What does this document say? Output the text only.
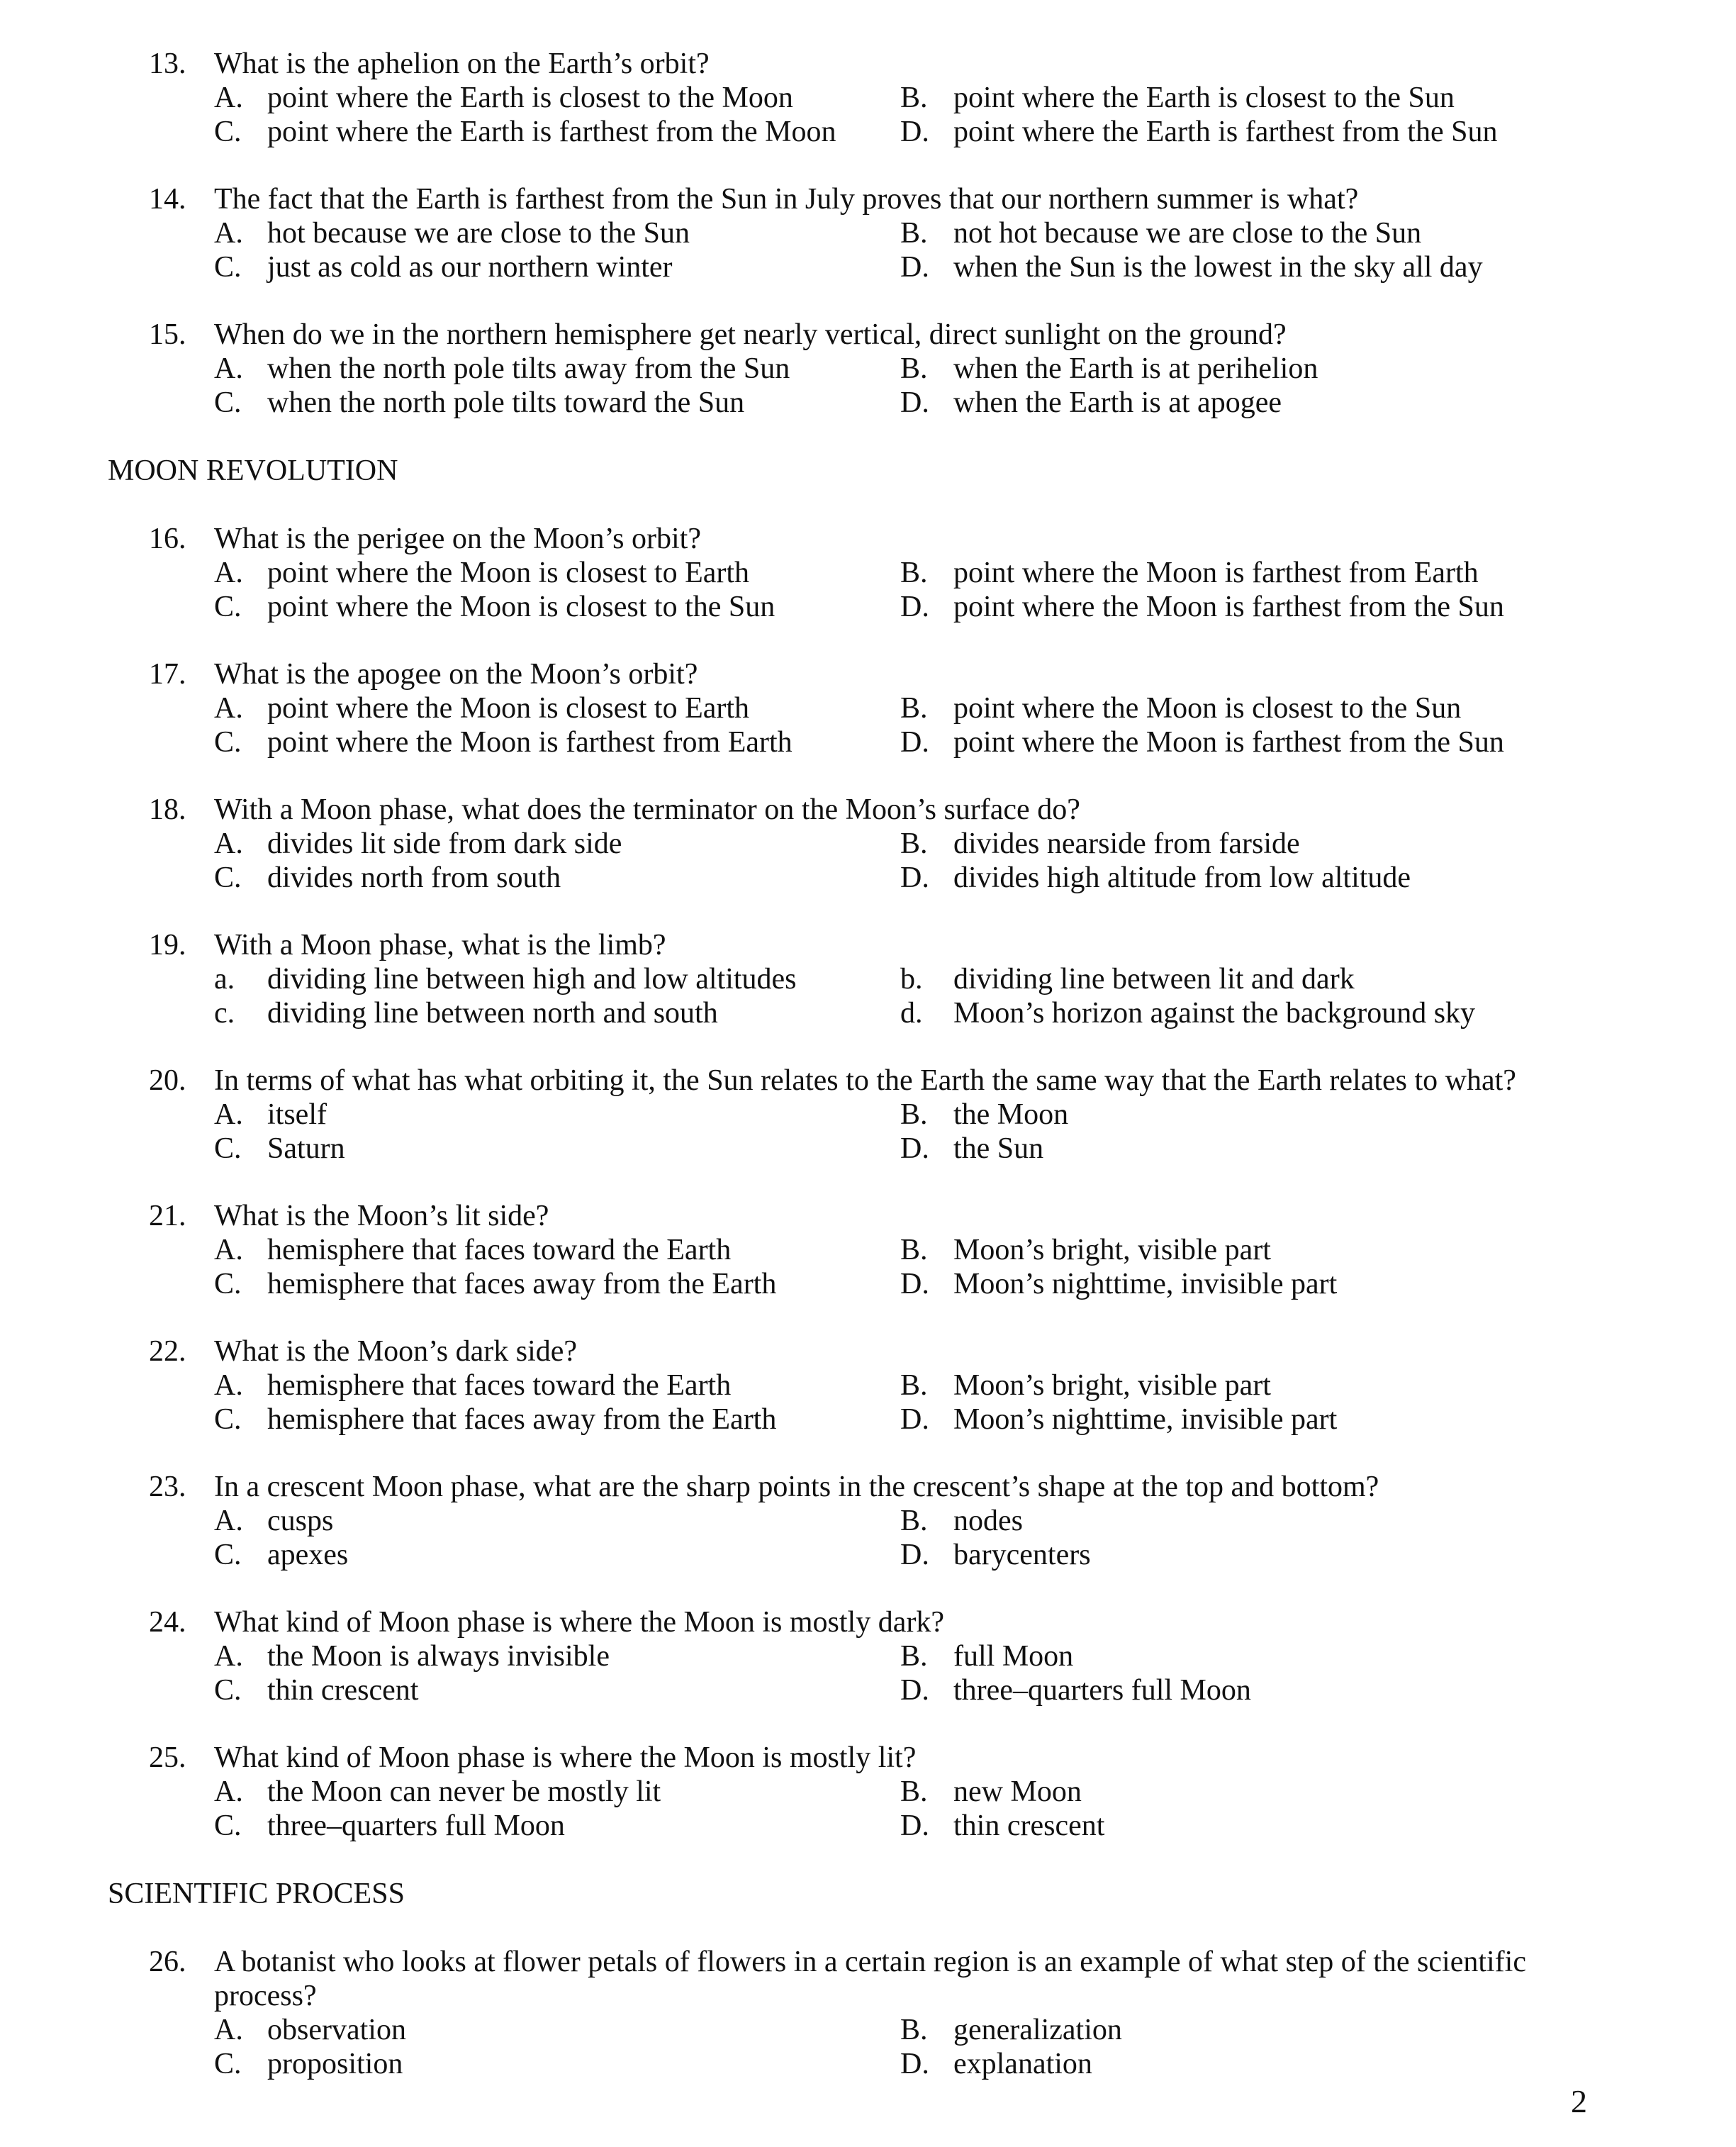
13. What is the aphelion on the Earth’s orbit?
A. point where the Earth is closest to the Moon	B. point where the Earth is closest to the Sun
C. point where the Earth is farthest from the Moon D. point where the Earth is farthest from the Sun
14. The fact that the Earth is farthest from the Sun in July proves that our northern summer is what?
A. hot because we are close to the Sun	B. not hot because we are close to the Sun
C. just as cold as our northern winter	D. when the Sun is the lowest in the sky all day
15. When do we in the northern hemisphere get nearly vertical, direct sunlight on the ground?
A. when the north pole tilts away from the Sun	B. when the Earth is at perihelion
C. when the north pole tilts toward the Sun	D. when the Earth is at apogee
MOON REVOLUTION
16. What is the perigee on the Moon’s orbit?
A. point where the Moon is closest to Earth	B. point where the Moon is farthest from Earth
C. point where the Moon is closest to the Sun	D. point where the Moon is farthest from the Sun
17. What is the apogee on the Moon’s orbit?
A. point where the Moon is closest to Earth	B. point where the Moon is closest to the Sun
C. point where the Moon is farthest from Earth	D. point where the Moon is farthest from the Sun
18. With a Moon phase, what does the terminator on the Moon’s surface do?
A. divides lit side from dark side	B. divides nearside from farside
C. divides north from south	D. divides high altitude from low altitude
19. With a Moon phase, what is the limb?
a. dividing line between high and low altitudes	b. dividing line between lit and dark
c. dividing line between north and south	d. Moon’s horizon against the background sky
20. In terms of what has what orbiting it, the Sun relates to the Earth the same way that the Earth relates to what?
A. itself	B. the Moon
C. Saturn	D. the Sun
21. What is the Moon’s lit side?
A. hemisphere that faces toward the Earth	B. Moon’s bright, visible part
C. hemisphere that faces away from the Earth	D. Moon’s nighttime, invisible part
22. What is the Moon’s dark side?
A. hemisphere that faces toward the Earth	B. Moon’s bright, visible part
C. hemisphere that faces away from the Earth	D. Moon’s nighttime, invisible part
23. In a crescent Moon phase, what are the sharp points in the crescent’s shape at the top and bottom?
A. cusps	B. nodes
C. apexes	D. barycenters
24. What kind of Moon phase is where the Moon is mostly dark?
A. the Moon is always invisible	B. full Moon
C. thin crescent	D. three–quarters full Moon
25. What kind of Moon phase is where the Moon is mostly lit?
A. the Moon can never be mostly lit	B. new Moon
C. three–quarters full Moon	D. thin crescent
SCIENTIFIC PROCESS
26. A botanist who looks at flower petals of flowers in a certain region is an example of what step of the scientific
process?
A. observation	B. generalization
C. proposition	D. explanation
2
